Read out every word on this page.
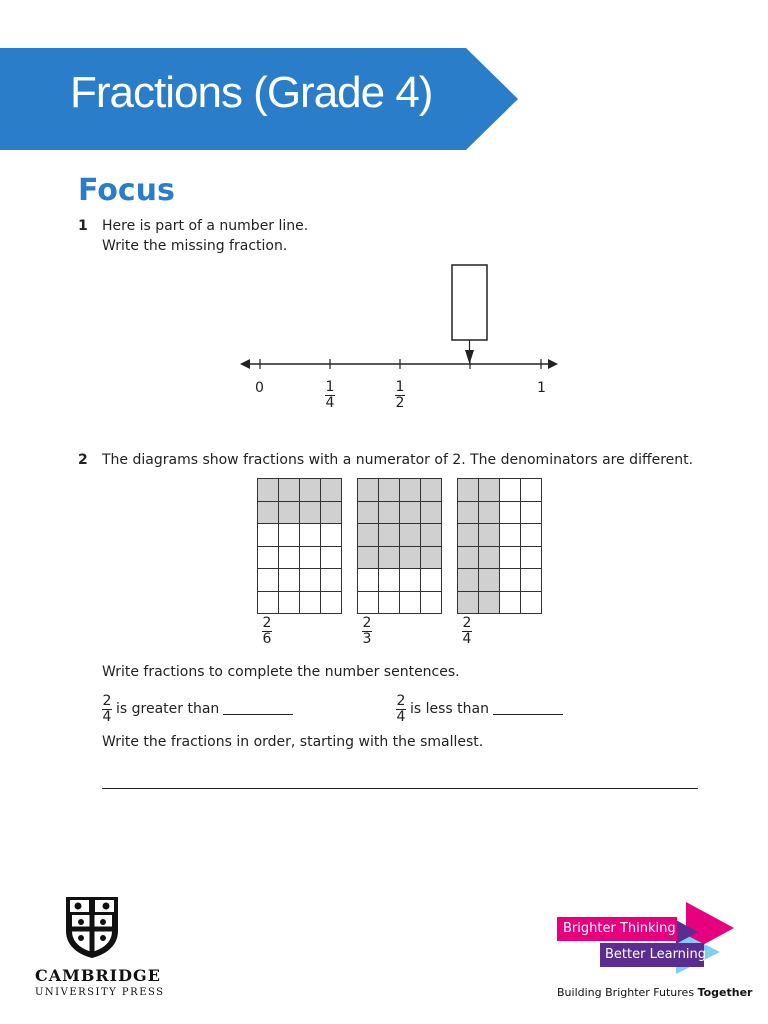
Fractions (Grade 4)
Focus
1 Here is part of a number line.
Write the missing fraction.
0	1
4
1
2
1
2 The diagrams show fractions with a numerator of 2. The denominators are different.

2
6
2
3
2
4
Write fractions to complete the number sentences.
2
4 is greater than	2
4 is less than
Write the fractions in order, starting with the smallest.
CAMBRIDGE
UNIVERSITY PRESS
Brighter Thinking
Better Learning
Building Brighter Futures Together
